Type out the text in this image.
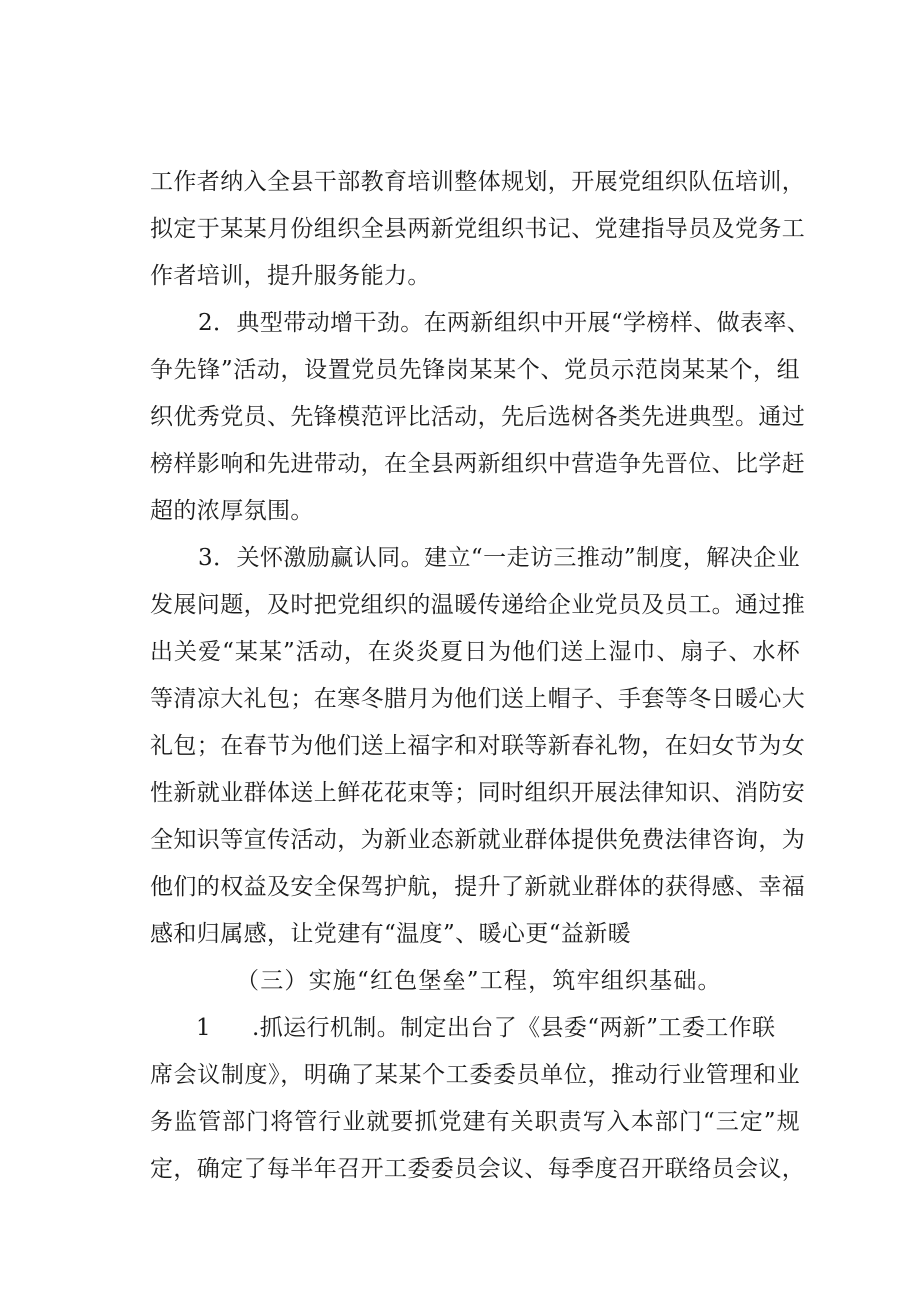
工作者纳入全县干部教育培训整体规划，开展党组织队伍培训，
拟定于某某月份组织全县两新党组织书记、党建指导员及党务工
作者培训，提升服务能力。
2．典型带动增干劲。在两新组织中开展“学榜样、做表率、
争先锋”活动，设置党员先锋岗某某个、党员示范岗某某个，组
织优秀党员、先锋模范评比活动，先后选树各类先进典型。通过
榜样影响和先进带动，在全县两新组织中营造争先晋位、比学赶
超的浓厚氛围。
3．关怀激励赢认同。建立“一走访三推动”制度，解决企业
发展问题，及时把党组织的温暖传递给企业党员及员工。通过推
出关爱“某某”活动，在炎炎夏日为他们送上湿巾、扇子、水杯
等清凉大礼包；在寒冬腊月为他们送上帽子、手套等冬日暖心大
礼包；在春节为他们送上福字和对联等新春礼物，在妇女节为女
性新就业群体送上鲜花花束等；同时组织开展法律知识、消防安
全知识等宣传活动，为新业态新就业群体提供免费法律咨询，为
他们的权益及安全保驾护航，提升了新就业群体的获得感、幸福
感和归属感，让党建有“温度”、暖心更“益新暖
（三）实施“红色堡垒”工程，筑牢组织基础。
1 .抓运行机制。制定出台了《县委“两新”工委工作联
席会议制度》，明确了某某个工委委员单位，推动行业管理和业
务监管部门将管行业就要抓党建有关职责写入本部门“三定”规
定，确定了每半年召开工委委员会议、每季度召开联络员会议，
